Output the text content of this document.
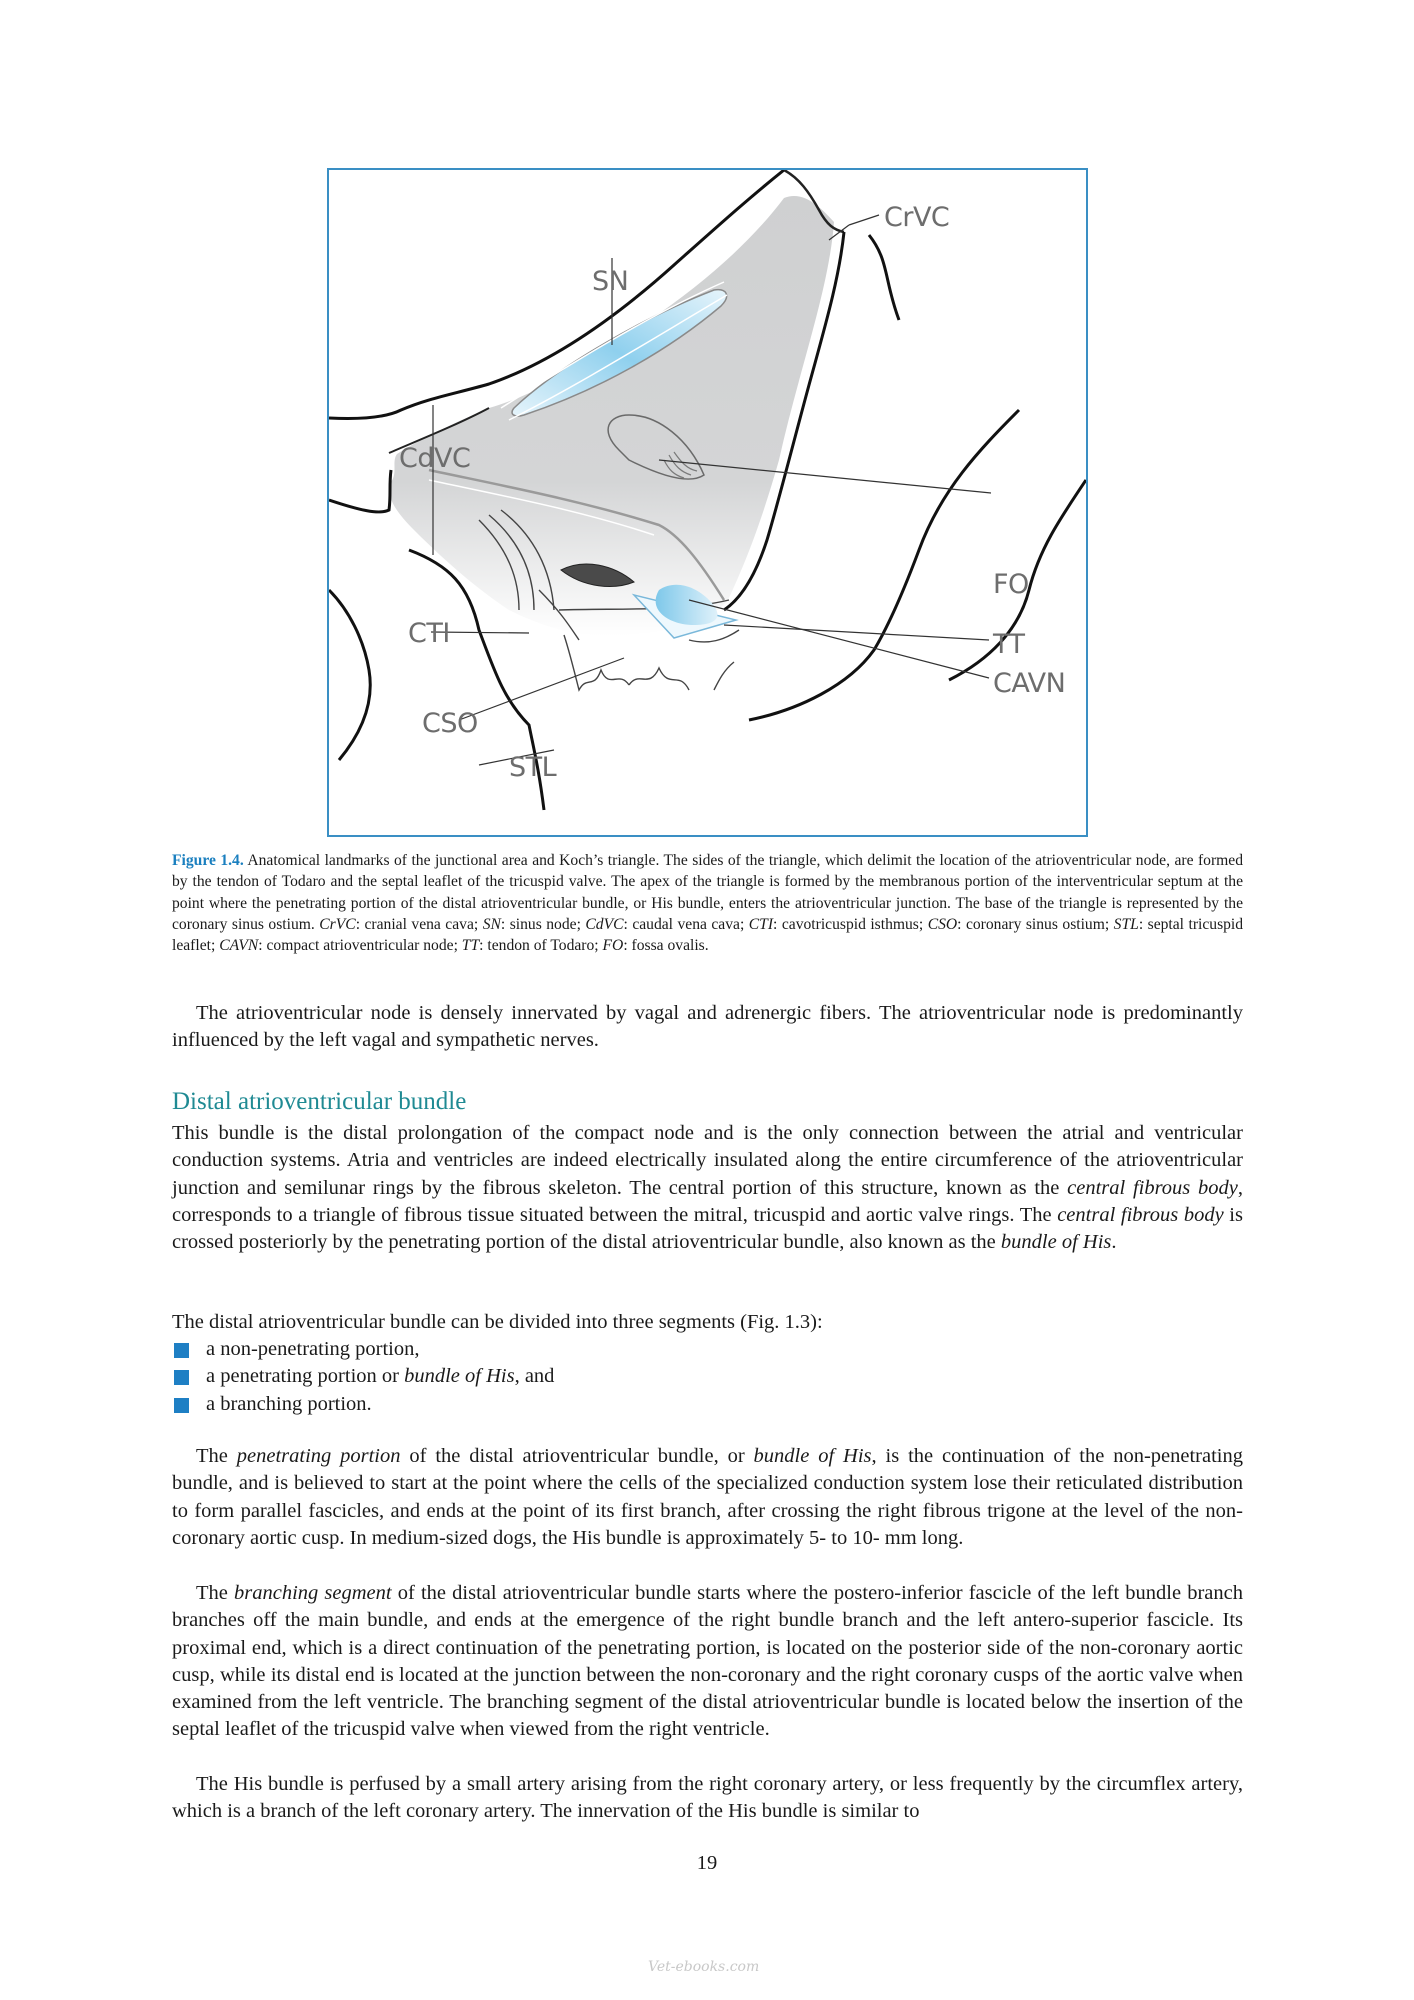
CrVC
SN
CdVC
FO
CTI	TT
CAVN
CSO
STL

Figure 1.4. Anatomical landmarks of the junctional area and Koch’s triangle. The sides of the triangle, which delimit the location of the atrioventricular node, are formed by the tendon of Todaro and the septal leaflet of the tricuspid valve. The apex of the triangle is formed by the membranous portion of the interventricular septum at the point where the penetrating portion of the distal atrioventricular bundle, or His bundle, enters the atrioventricular junction. The base of the triangle is represented by the coronary sinus ostium. CrVC: cranial vena cava; SN: sinus node; CdVC: caudal vena cava; CTI: cavotricuspid isthmus; CSO: coronary sinus ostium; STL: septal tricuspid leaflet; CAVN: compact atrioventricular node; TT: tendon of Todaro; FO: fossa ovalis.

The atrioventricular node is densely innervated by vagal and adrenergic fibers. The atrioventricular node is predominantly influenced by the left vagal and sympathetic nerves.

Distal atrioventricular bundle

This bundle is the distal prolongation of the compact node and is the only connection between the atrial and ventricular conduction systems. Atria and ventricles are indeed electrically insulated along the entire circumference of the atrioventricular junction and semilunar rings by the fibrous skeleton. The central portion of this structure, known as the central fibrous body, corresponds to a triangle of fibrous tissue situated between the mitral, tricuspid and aortic valve rings. The central fibrous body is crossed posteriorly by the penetrating portion of the distal atrioventricular bundle, also known as the bundle of His.

The distal atrioventricular bundle can be divided into three segments (Fig. 1.3):

a non-penetrating portion,
a penetrating portion or bundle of His, and
a branching portion.

The penetrating portion of the distal atrioventricular bundle, or bundle of His, is the continuation of the non-penetrating bundle, and is believed to start at the point where the cells of the specialized conduction system lose their reticulated distribution to form parallel fascicles, and ends at the point of its first branch, after crossing the right fibrous trigone at the level of the non-coronary aortic cusp. In medium-sized dogs, the His bundle is approximately 5- to 10- mm long.

The branching segment of the distal atrioventricular bundle starts where the postero-inferior fascicle of the left bundle branch branches off the main bundle, and ends at the emergence of the right bundle branch and the left antero-superior fascicle. Its proximal end, which is a direct continuation of the penetrating portion, is located on the posterior side of the non-coronary aortic cusp, while its distal end is located at the junction between the non-coronary and the right coronary cusps of the aortic valve when examined from the left ventricle. The branching segment of the distal atrioventricular bundle is located below the insertion of the septal leaflet of the tricuspid valve when viewed from the right ventricle.

The His bundle is perfused by a small artery arising from the right coronary artery, or less frequently by the circumflex artery, which is a branch of the left coronary artery. The innervation of the His bundle is similar to

19

Vet-ebooks.com
